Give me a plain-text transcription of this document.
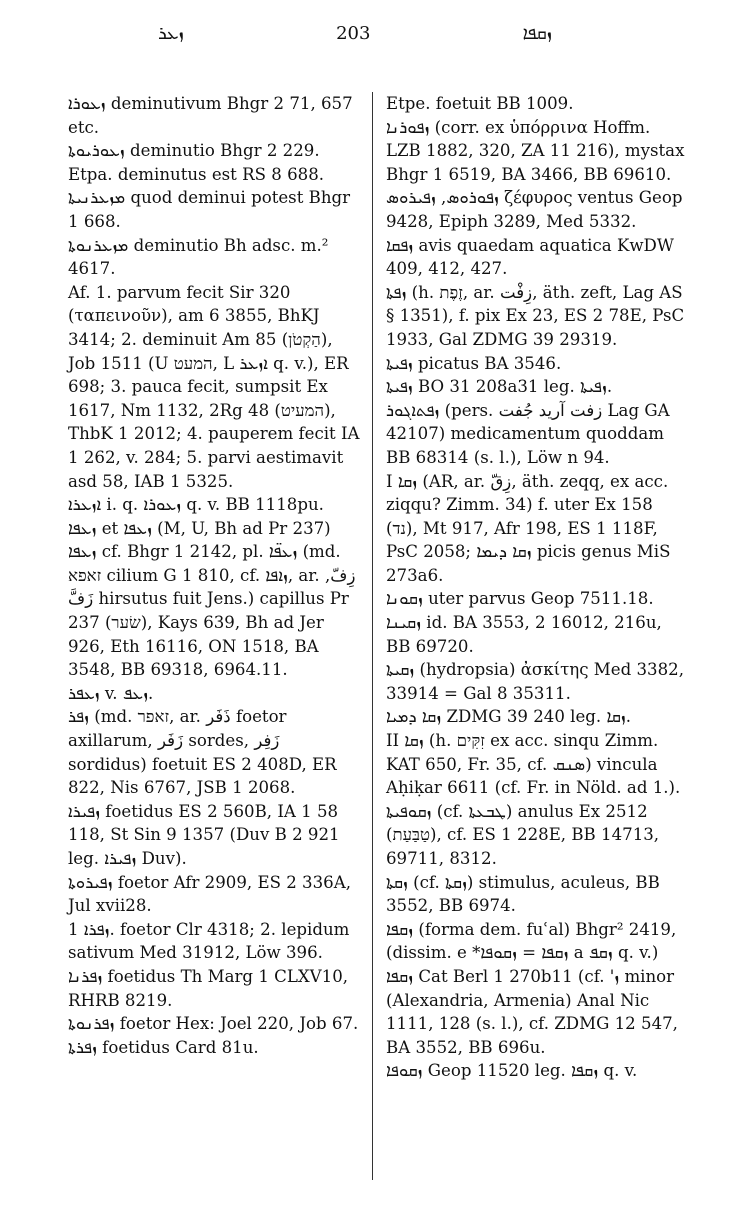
ܙܥܪ	203	ܙܩܦܐ

ܙܥܘܪܐ deminutivum Bhgr 2 71, 657 etc.

ܙܥܘܪܝܘܬܐ deminutio Bhgr 2 229.

Etpa. deminutus est RS 8 688.

ܡܙܥܪܢܝܬܐ quod deminui potest Bhgr 1 668.

ܡܙܥܪܢܘܬܐ deminutio Bh adsc. m.² 4617.

Af. 1. parvum fecit Sir 320 (ταπεινοῦν), am 6 3855, BhKJ 3414; 2. deminuit Am 85 (הַקְטֹן), Job 1511 (U המעט, L ܐܙܥܪ q. v.), ER 698; 3. pauca fecit, sumpsit Ex 1617, Nm 1132, 2Rg 48 (המעיט), ThbK 1 2012; 4. pauperem fecit IA 1 262, v. 284; 5. parvi aestimavit asd 58, IAB 1 5325.

ܐܙܥܪܐ i. q. ܙܥܘܪܐ q. v. BB 1118pu.

ܙܥܦܐ et ܙܥܦܐ (M, U, Bh ad Pr 237) ܙܥܦܐ cf. Bhgr 1 2142, pl. ܙܥܦ̈ܐ (md. זאפא cilium G 1 810, cf. ܙܐܦܐ, ar. زِفّ, زَفَّ hirsutus fuit Jens.) capillus Pr 237 (שׂער), Kays 639, Bh ad Jer 926, Eth 16116, ON 1518, BA 3548, BB 69318, 6964.11.

ܙܥܦܪ v. ܙܥܦ.

ܙܦܪ (md. זאפר, ar. ذَفَر foetor axillarum, زَفَر sordes, زَفِر sordidus) foetuit ES 2 408D, ER 822, Nis 6767, JSB 1 2068.

ܙܦܝܪܐ foetidus ES 2 560B, IA 1 58 118, St Sin 9 1357 (Duv B 2 921 leg. ܙܦܝܪܐ Duv).

ܙܦܝܪܘܬܐ foetor Afr 2909, ES 2 336A, Jul xvii28.

ܙܦܪܐ 1. foetor Clr 4318; 2. lepidum sativum Med 31912, Löw 396.

ܙܦܪܢܐ foetidus Th Marg 1 CLXV10, RHRB 8219.

ܙܦܪܢܘܬܐ foetor Hex: Joel 220, Job 67.

ܙܦܪܬܐ foetidus Card 81u.

Etpe. foetuit BB 1009.

ܙܦܘܪܢܐ (corr. ex ὑπόρρινα Hoffm. LZB 1882, 320, ZA 11 216), mystax Bhgr 1 6519, BA 3466, BB 69610.

ܙܦܘܪܘܣ, ܙܦܝܪܘܣ ζέφυρος ventus Geop 9428, Epiph 3289, Med 5332.

ܙܦܩܐ avis quaedam aquatica KwDW 409, 412, 427.

ܙܦܬܐ (h. זֶפֶת, ar. زِفْت, äth. zeft, Lag AS § 1351), f. pix Ex 23, ES 2 78E, PsC 1933, Gal ZDMG 39 29319.

ܙܦܝܬܐ picatus BA 3546.

ܙܦܝܬܐ BO 31 208a31 leg. ܙܦܝܬܐ.

ܙܦܬܐܓܘܪ (pers. زفت آريد جُفت Lag GA 42107) medicamentum quoddam BB 68314 (s. l.), Löw n 94.

I ܙܩܐ (AR, ar. زِقّ, äth. zeqq, ex acc. ziqqu? Zimm. 34) f. uter Ex 158 (נד), Mt 917, Afr 198, ES 1 118F, PsC 2058; ܙܩܐ ܕܝܡܐ picis genus MiS 273a6.

ܙܩܘܢܐ uter parvus Geop 7511.18.

ܙܩܝܢܐ id. BA 3553, 2 16012, 216u, BB 69720.

ܙܩܝܬܐ (hydropsia) ἀσκίτης Med 3382, 33914 = Gal 8 35311.

ܙܩܐ ܕܡܝܐ ZDMG 39 240 leg. ܙܩܐ.

II ܙܩܐ (h. זִקִּים ex acc. sinqu Zimm. KAT 650, Fr. 35, cf. ܣܢܩ) vincula Aḥiḳar 6611 (cf. Fr. in Nöld. ad 1.).

ܙܩܘܦܝܬܐ (cf. ܛܒܥܬܐ) anulus Ex 2512 (טַבַּעַת), cf. ES 1 228E, BB 14713, 69711, 8312.

ܙܩܬܐ (cf. ܙܩܬܐ) stimulus, aculeus, BB 3552, BB 6974.

ܙܩܦܐ (forma dem. fuʿal) Bhgr² 2419, (dissim. e *ܙܩܦܐ = ܙܩܘܦܐ a ܙܩܦ q. v.) ܙܩܦܐ Cat Berl 1 270b11 (cf. 'ܙ minor (Alexandria, Armenia) Anal Nic 1111, 128 (s. l.), cf. ZDMG 12 547, BA 3552, BB 696u.

ܙܩܘܦܐ Geop 11520 leg. ܙܩܦܐ q. v.
